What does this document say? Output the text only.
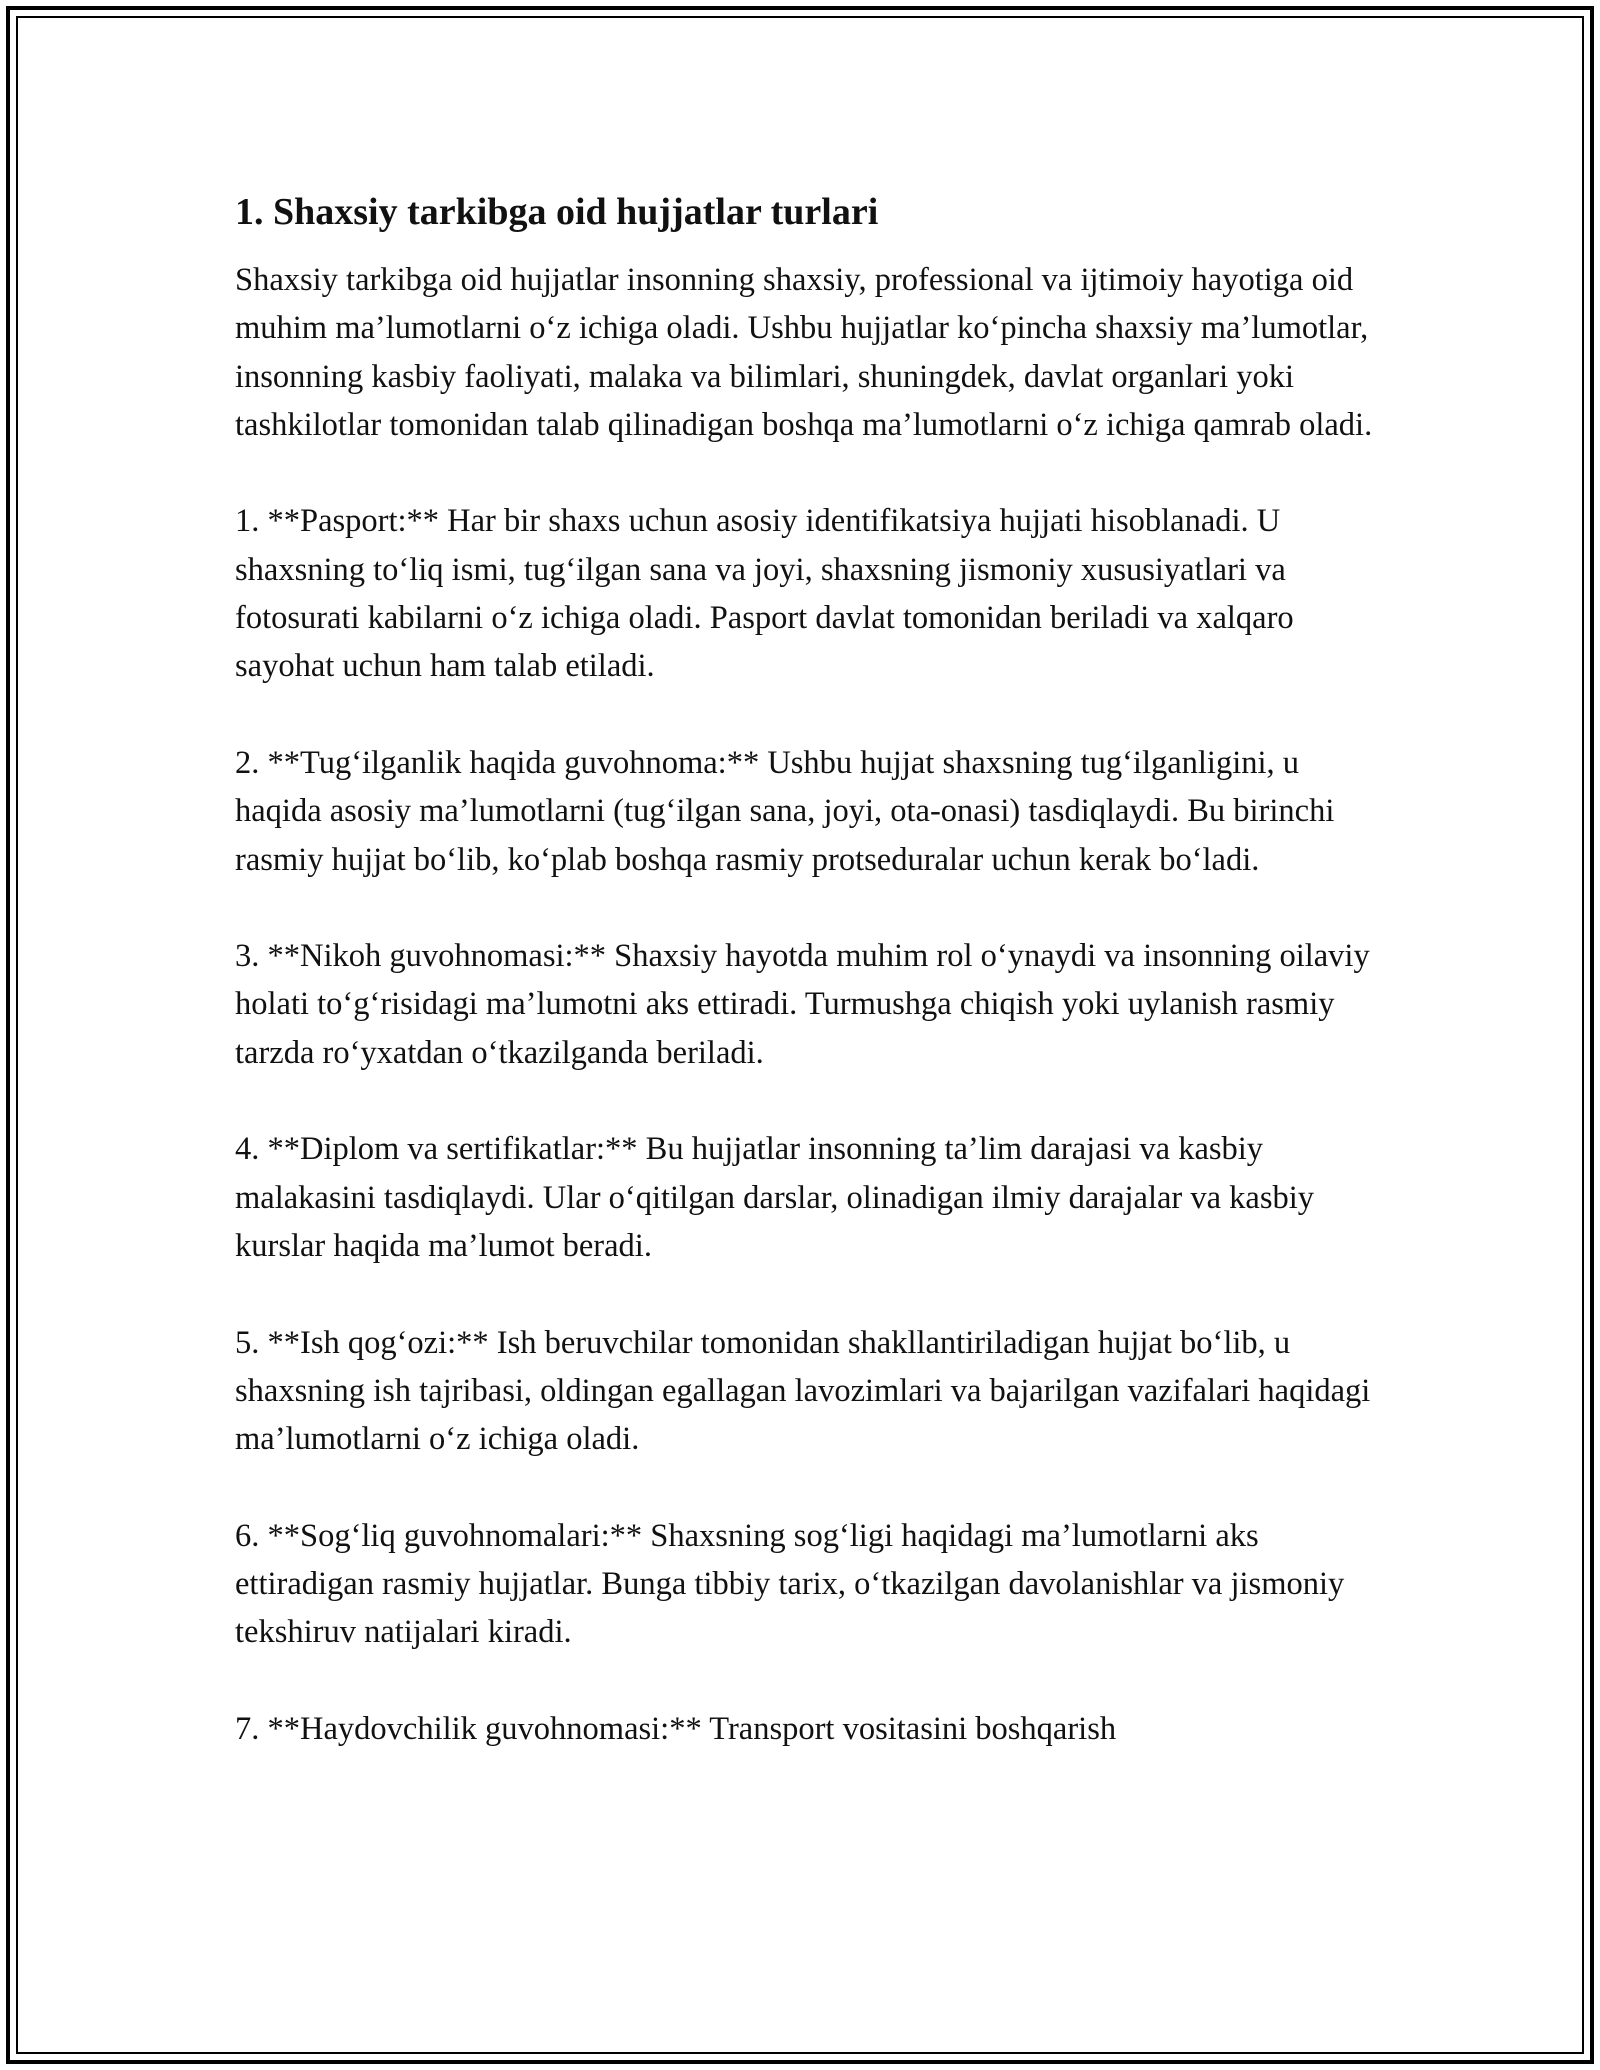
1. Shaxsiy tarkibga oid hujjatlar turlari

Shaxsiy tarkibga oid hujjatlar insonning shaxsiy, professional va ijtimoiy hayotiga oid muhim ma’lumotlarni o‘z ichiga oladi. Ushbu hujjatlar ko‘pincha shaxsiy ma’lumotlar, insonning kasbiy faoliyati, malaka va bilimlari, shuningdek, davlat organlari yoki tashkilotlar tomonidan talab qilinadigan boshqa ma’lumotlarni o‘z ichiga qamrab oladi.

1. **Pasport:** Har bir shaxs uchun asosiy identifikatsiya hujjati hisoblanadi. U shaxsning to‘liq ismi, tug‘ilgan sana va joyi, shaxsning jismoniy xususiyatlari va fotosurati kabilarni o‘z ichiga oladi. Pasport davlat tomonidan beriladi va xalqaro sayohat uchun ham talab etiladi.

2. **Tug‘ilganlik haqida guvohnoma:** Ushbu hujjat shaxsning tug‘ilganligini, u haqida asosiy ma’lumotlarni (tug‘ilgan sana, joyi, ota-onasi) tasdiqlaydi. Bu birinchi rasmiy hujjat bo‘lib, ko‘plab boshqa rasmiy protseduralar uchun kerak bo‘ladi.

3. **Nikoh guvohnomasi:** Shaxsiy hayotda muhim rol o‘ynaydi va insonning oilaviy holati to‘g‘risidagi ma’lumotni aks ettiradi. Turmushga chiqish yoki uylanish rasmiy tarzda ro‘yxatdan o‘tkazilganda beriladi.

4. **Diplom va sertifikatlar:** Bu hujjatlar insonning ta’lim darajasi va kasbiy malakasini tasdiqlaydi. Ular o‘qitilgan darslar, olinadigan ilmiy darajalar va kasbiy kurslar haqida ma’lumot beradi.

5. **Ish qog‘ozi:** Ish beruvchilar tomonidan shakllantiriladigan hujjat bo‘lib, u shaxsning ish tajribasi, oldingan egallagan lavozimlari va bajarilgan vazifalari haqidagi ma’lumotlarni o‘z ichiga oladi.

6. **Sog‘liq guvohnomalari:** Shaxsning sog‘ligi haqidagi ma’lumotlarni aks ettiradigan rasmiy hujjatlar. Bunga tibbiy tarix, o‘tkazilgan davolanishlar va jismoniy tekshiruv natijalari kiradi.

7. **Haydovchilik guvohnomasi:** Transport vositasini boshqarish
